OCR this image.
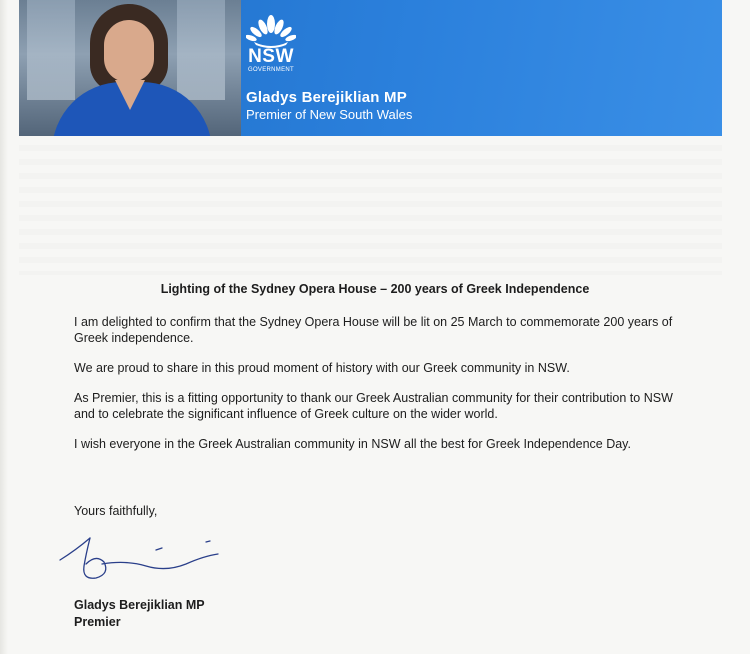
NSW
GOVERNMENT
Gladys Berejiklian MP
Premier of New South Wales
Lighting of the Sydney Opera House – 200 years of Greek Independence

I am delighted to confirm that the Sydney Opera House will be lit on 25 March to commemorate 200 years of Greek independence.

We are proud to share in this proud moment of history with our Greek community in NSW.

As Premier, this is a fitting opportunity to thank our Greek Australian community for their contribution to NSW and to celebrate the significant influence of Greek culture on the wider world.

I wish everyone in the Greek Australian community in NSW all the best for Greek Independence Day.

Yours faithfully,
Gladys Berejiklian MP
Premier
